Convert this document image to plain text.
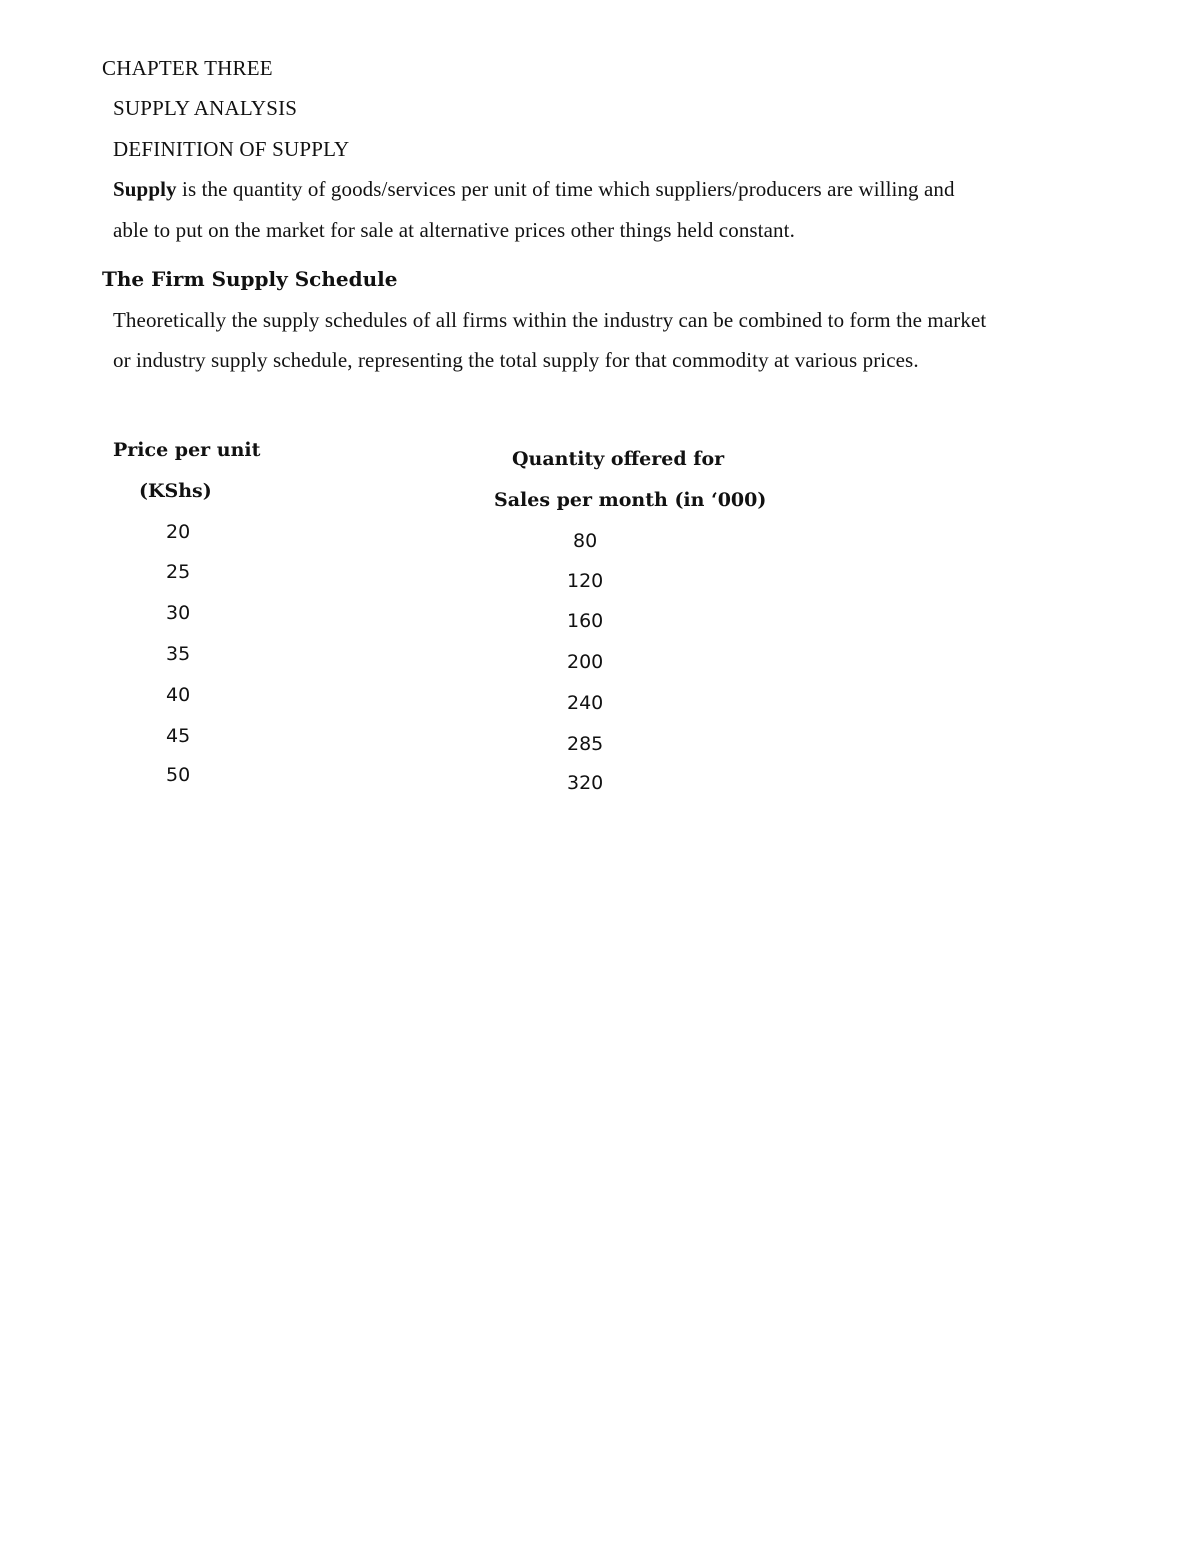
CHAPTER THREE
SUPPLY ANALYSIS
DEFINITION OF SUPPLY
Supply is the quantity of goods/services per unit of time which suppliers/producers are willing and
able to put on the market for sale at alternative prices other things held constant.
The Firm Supply Schedule
Theoretically the supply schedules of all firms within the industry can be combined to form the market
or industry supply schedule, representing the total supply for that commodity at various prices.
Price per unit
(KShs)
Quantity offered for
Sales per month (in ‘000)
20
25
30
35
40
45
50
80
120
160
200
240
285
320
